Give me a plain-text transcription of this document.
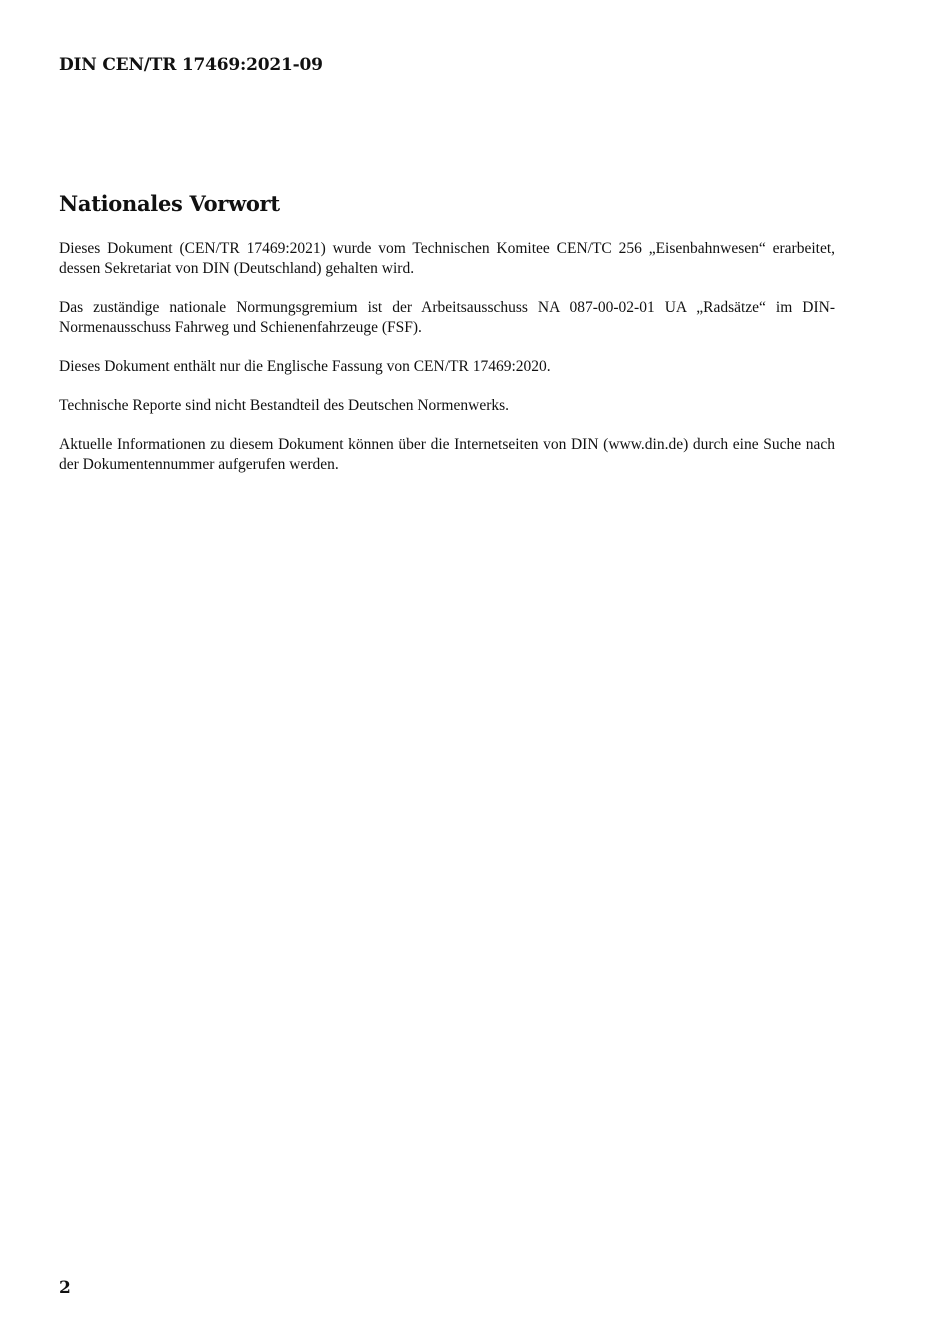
DIN CEN/TR 17469:2021-09
Nationales Vorwort

Dieses Dokument (CEN/TR 17469:2021) wurde vom Technischen Komitee CEN/TC 256 „Eisenbahnwesen“ erarbeitet, dessen Sekretariat von DIN (Deutschland) gehalten wird.

Das zuständige nationale Normungsgremium ist der Arbeitsausschuss NA 087-00-02-01 UA „Radsätze“ im DIN-Normenausschuss Fahrweg und Schienenfahrzeuge (FSF).

Dieses Dokument enthält nur die Englische Fassung von CEN/TR 17469:2020.

Technische Reporte sind nicht Bestandteil des Deutschen Normenwerks.

Aktuelle Informationen zu diesem Dokument können über die Internetseiten von DIN (www.din.de) durch eine Suche nach der Dokumentennummer aufgerufen werden.

2
